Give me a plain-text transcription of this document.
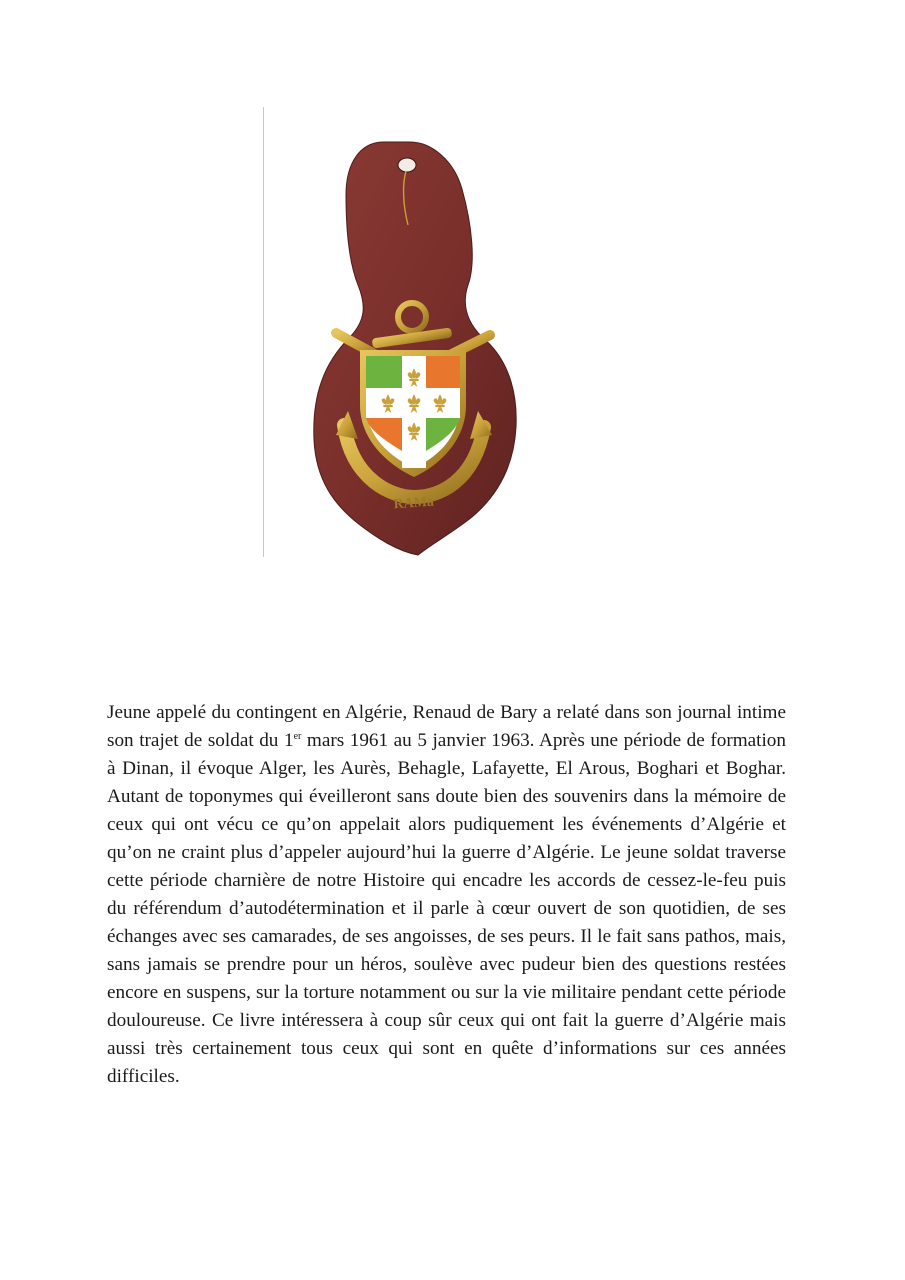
RAMa

Jeune appelé du contingent en Algérie, Renaud de Bary a relaté dans son journal intime son trajet de soldat du 1er mars 1961 au 5 janvier 1963. Après une période de formation à Dinan, il évoque Alger, les Aurès, Behagle, Lafayette, El Arous, Boghari et Boghar. Autant de toponymes qui éveilleront sans doute bien des souvenirs dans la mémoire de ceux qui ont vécu ce qu’on appelait alors pudiquement les événements d’Algérie et qu’on ne craint plus d’appeler aujourd’hui la guerre d’Algérie. Le jeune soldat traverse cette période charnière de notre Histoire qui encadre les accords de cessez-le-feu puis du référendum d’autodétermination et il parle à cœur ouvert de son quotidien, de ses échanges avec ses camarades, de ses angoisses, de ses peurs. Il le fait sans pathos, mais, sans jamais se prendre pour un héros, soulève avec pudeur bien des questions restées encore en suspens, sur la torture notamment ou sur la vie militaire pendant cette période douloureuse. Ce livre intéressera à coup sûr ceux qui ont fait la guerre d’Algérie mais aussi très certainement tous ceux qui sont en quête d’informations sur ces années difficiles.
